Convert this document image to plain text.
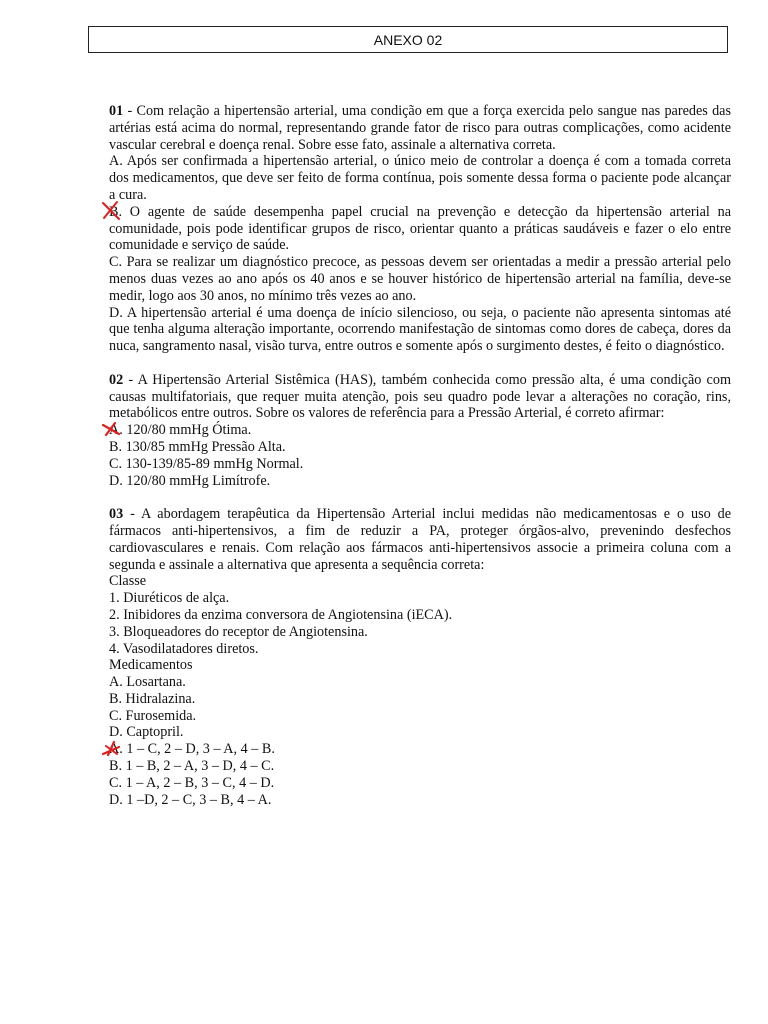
ANEXO 02

01 - Com relação a hipertensão arterial, uma condição em que a força exercida pelo sangue nas paredes das artérias está acima do normal, representando grande fator de risco para outras complicações, como acidente vascular cerebral e doença renal. Sobre esse fato, assinale a alternativa correta.

A. Após ser confirmada a hipertensão arterial, o único meio de controlar a doença é com a tomada correta dos medicamentos, que deve ser feito de forma contínua, pois somente dessa forma o paciente pode alcançar a cura.

B. O agente de saúde desempenha papel crucial na prevenção e detecção da hipertensão arterial na comunidade, pois pode identificar grupos de risco, orientar quanto a práticas saudáveis e fazer o elo entre comunidade e serviço de saúde.

C. Para se realizar um diagnóstico precoce, as pessoas devem ser orientadas a medir a pressão arterial pelo menos duas vezes ao ano após os 40 anos e se houver histórico de hipertensão arterial na família, deve-se medir, logo aos 30 anos, no mínimo três vezes ao ano.

D. A hipertensão arterial é uma doença de início silencioso, ou seja, o paciente não apresenta sintomas até que tenha alguma alteração importante, ocorrendo manifestação de sintomas como dores de cabeça, dores da nuca, sangramento nasal, visão turva, entre outros e somente após o surgimento destes, é feito o diagnóstico.

02 - A Hipertensão Arterial Sistêmica (HAS), também conhecida como pressão alta, é uma condição com causas multifatoriais, que requer muita atenção, pois seu quadro pode levar a alterações no coração, rins, metabólicos entre outros. Sobre os valores de referência para a Pressão Arterial, é correto afirmar:

A. 120/80 mmHg Ótima.

B. 130/85 mmHg Pressão Alta.

C. 130-139/85-89 mmHg Normal.

D. 120/80 mmHg Limítrofe.

03 - A abordagem terapêutica da Hipertensão Arterial inclui medidas não medicamentosas e o uso de fármacos anti-hipertensivos, a fim de reduzir a PA, proteger órgãos-alvo, prevenindo desfechos cardiovasculares e renais. Com relação aos fármacos anti-hipertensivos associe a primeira coluna com a segunda e assinale a alternativa que apresenta a sequência correta:

Classe

1. Diuréticos de alça.

2. Inibidores da enzima conversora de Angiotensina (iECA).

3. Bloqueadores do receptor de Angiotensina.

4. Vasodilatadores diretos.

Medicamentos

A. Losartana.

B. Hidralazina.

C. Furosemida.

D. Captopril.

A. 1 – C, 2 – D, 3 – A, 4 – B.

B. 1 – B, 2 – A, 3 – D, 4 – C.

C. 1 – A, 2 – B, 3 – C, 4 – D.

D. 1 –D, 2 – C, 3 – B, 4 – A.
